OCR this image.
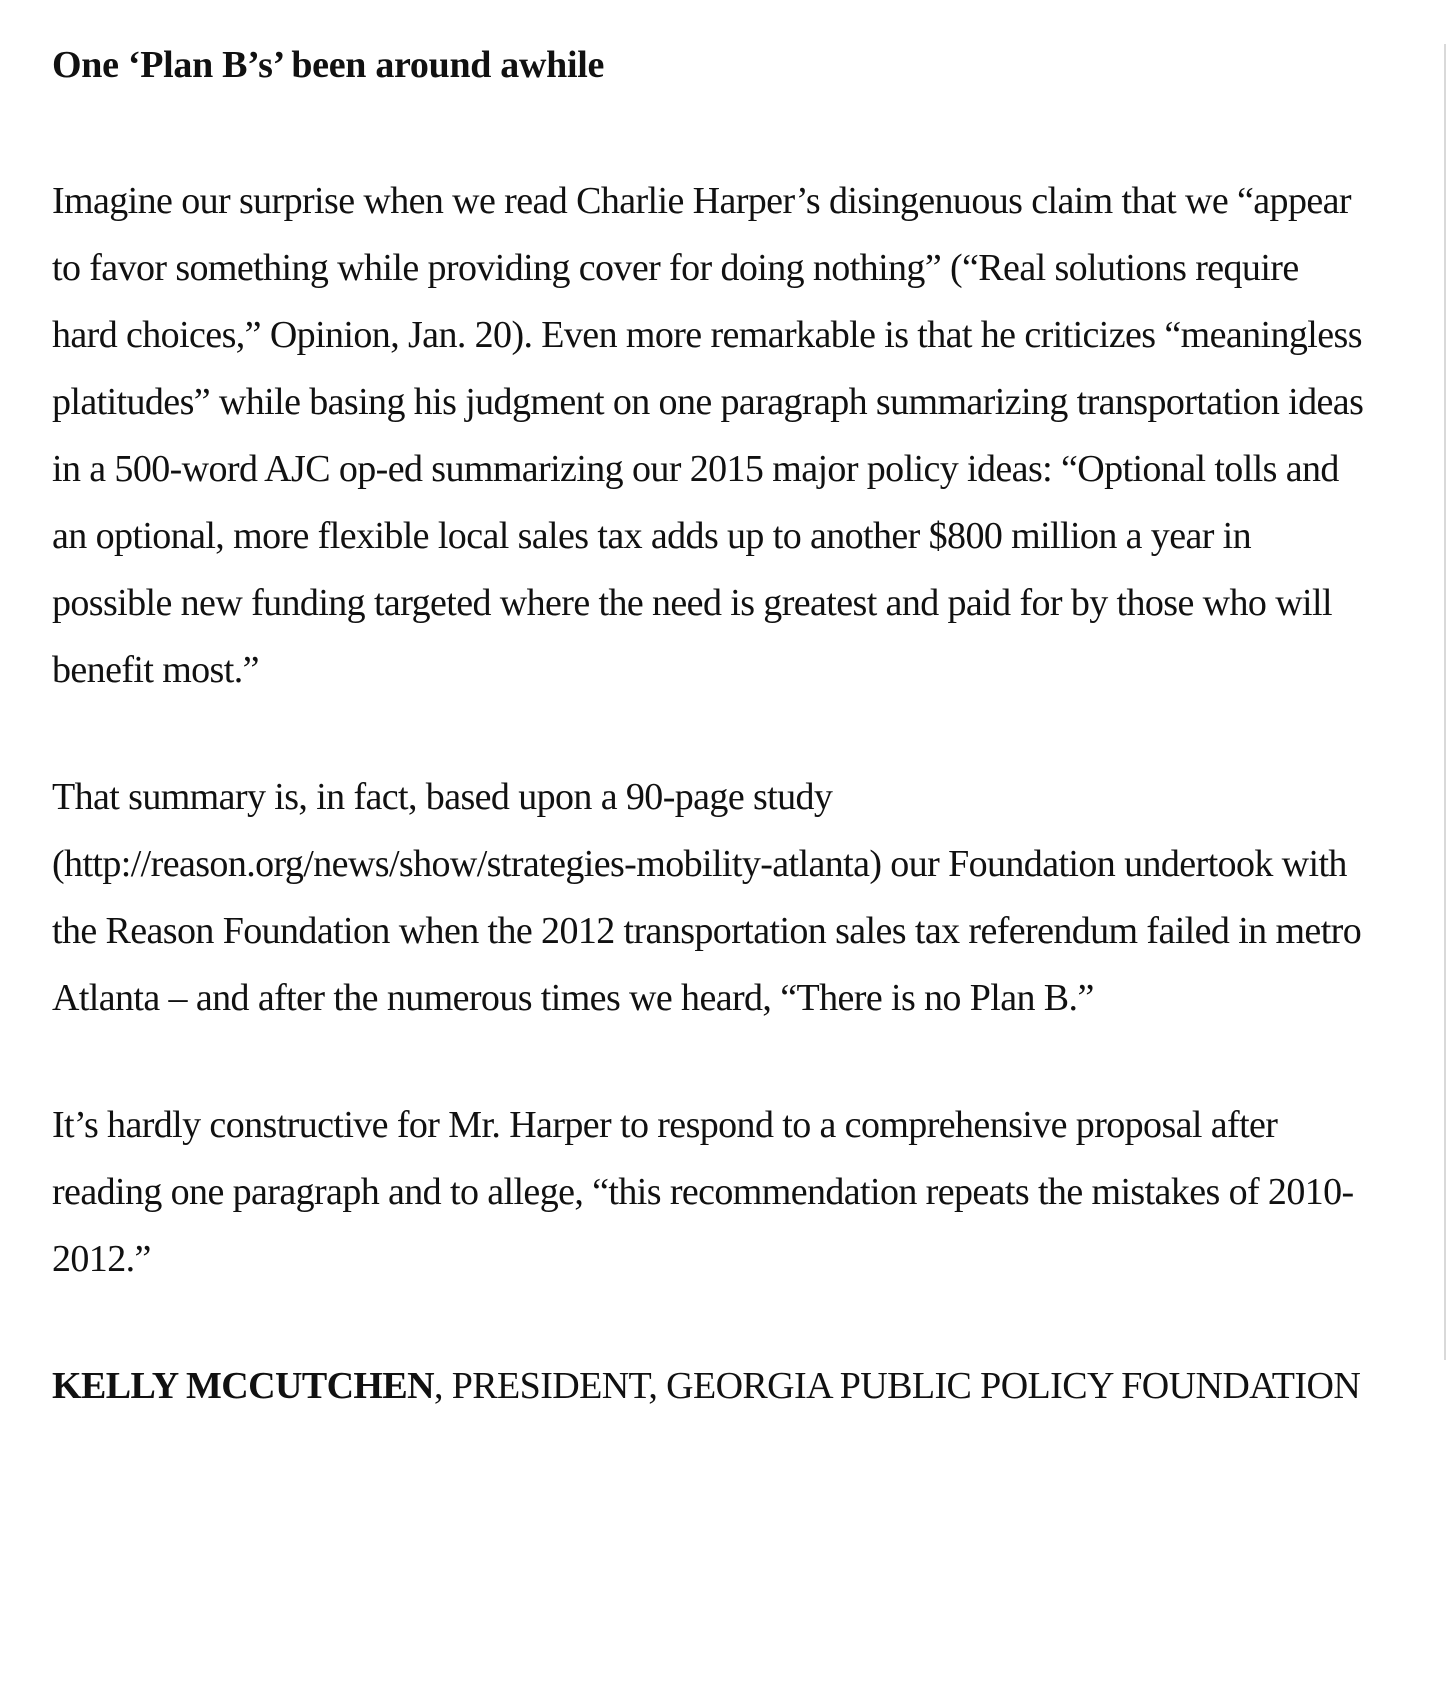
One ‘Plan B’s’ been around awhile

Imagine our surprise when we read Charlie Harper’s disingenuous claim that we “appear to favor something while providing cover for doing nothing” (“Real solutions require hard choices,” Opinion, Jan. 20). Even more remarkable is that he criticizes “meaningless platitudes” while basing his judgment on one paragraph summarizing transportation ideas in a 500-word AJC op-ed summarizing our 2015 major policy ideas: “Optional tolls and an optional, more flexible local sales tax adds up to another $800 million a year in possible new funding targeted where the need is greatest and paid for by those who will benefit most.”

That summary is, in fact, based upon a 90-page study (http://reason.org/news/show/strategies-mobility-atlanta) our Foundation undertook with the Reason Foundation when the 2012 transportation sales tax referendum failed in metro Atlanta – and after the numerous times we heard, “There is no Plan B.”

It’s hardly constructive for Mr. Harper to respond to a comprehensive proposal after reading one paragraph and to allege, “this recommendation repeats the mistakes of 2010-2012.”

KELLY MCCUTCHEN, PRESIDENT, GEORGIA PUBLIC POLICY FOUNDATION
